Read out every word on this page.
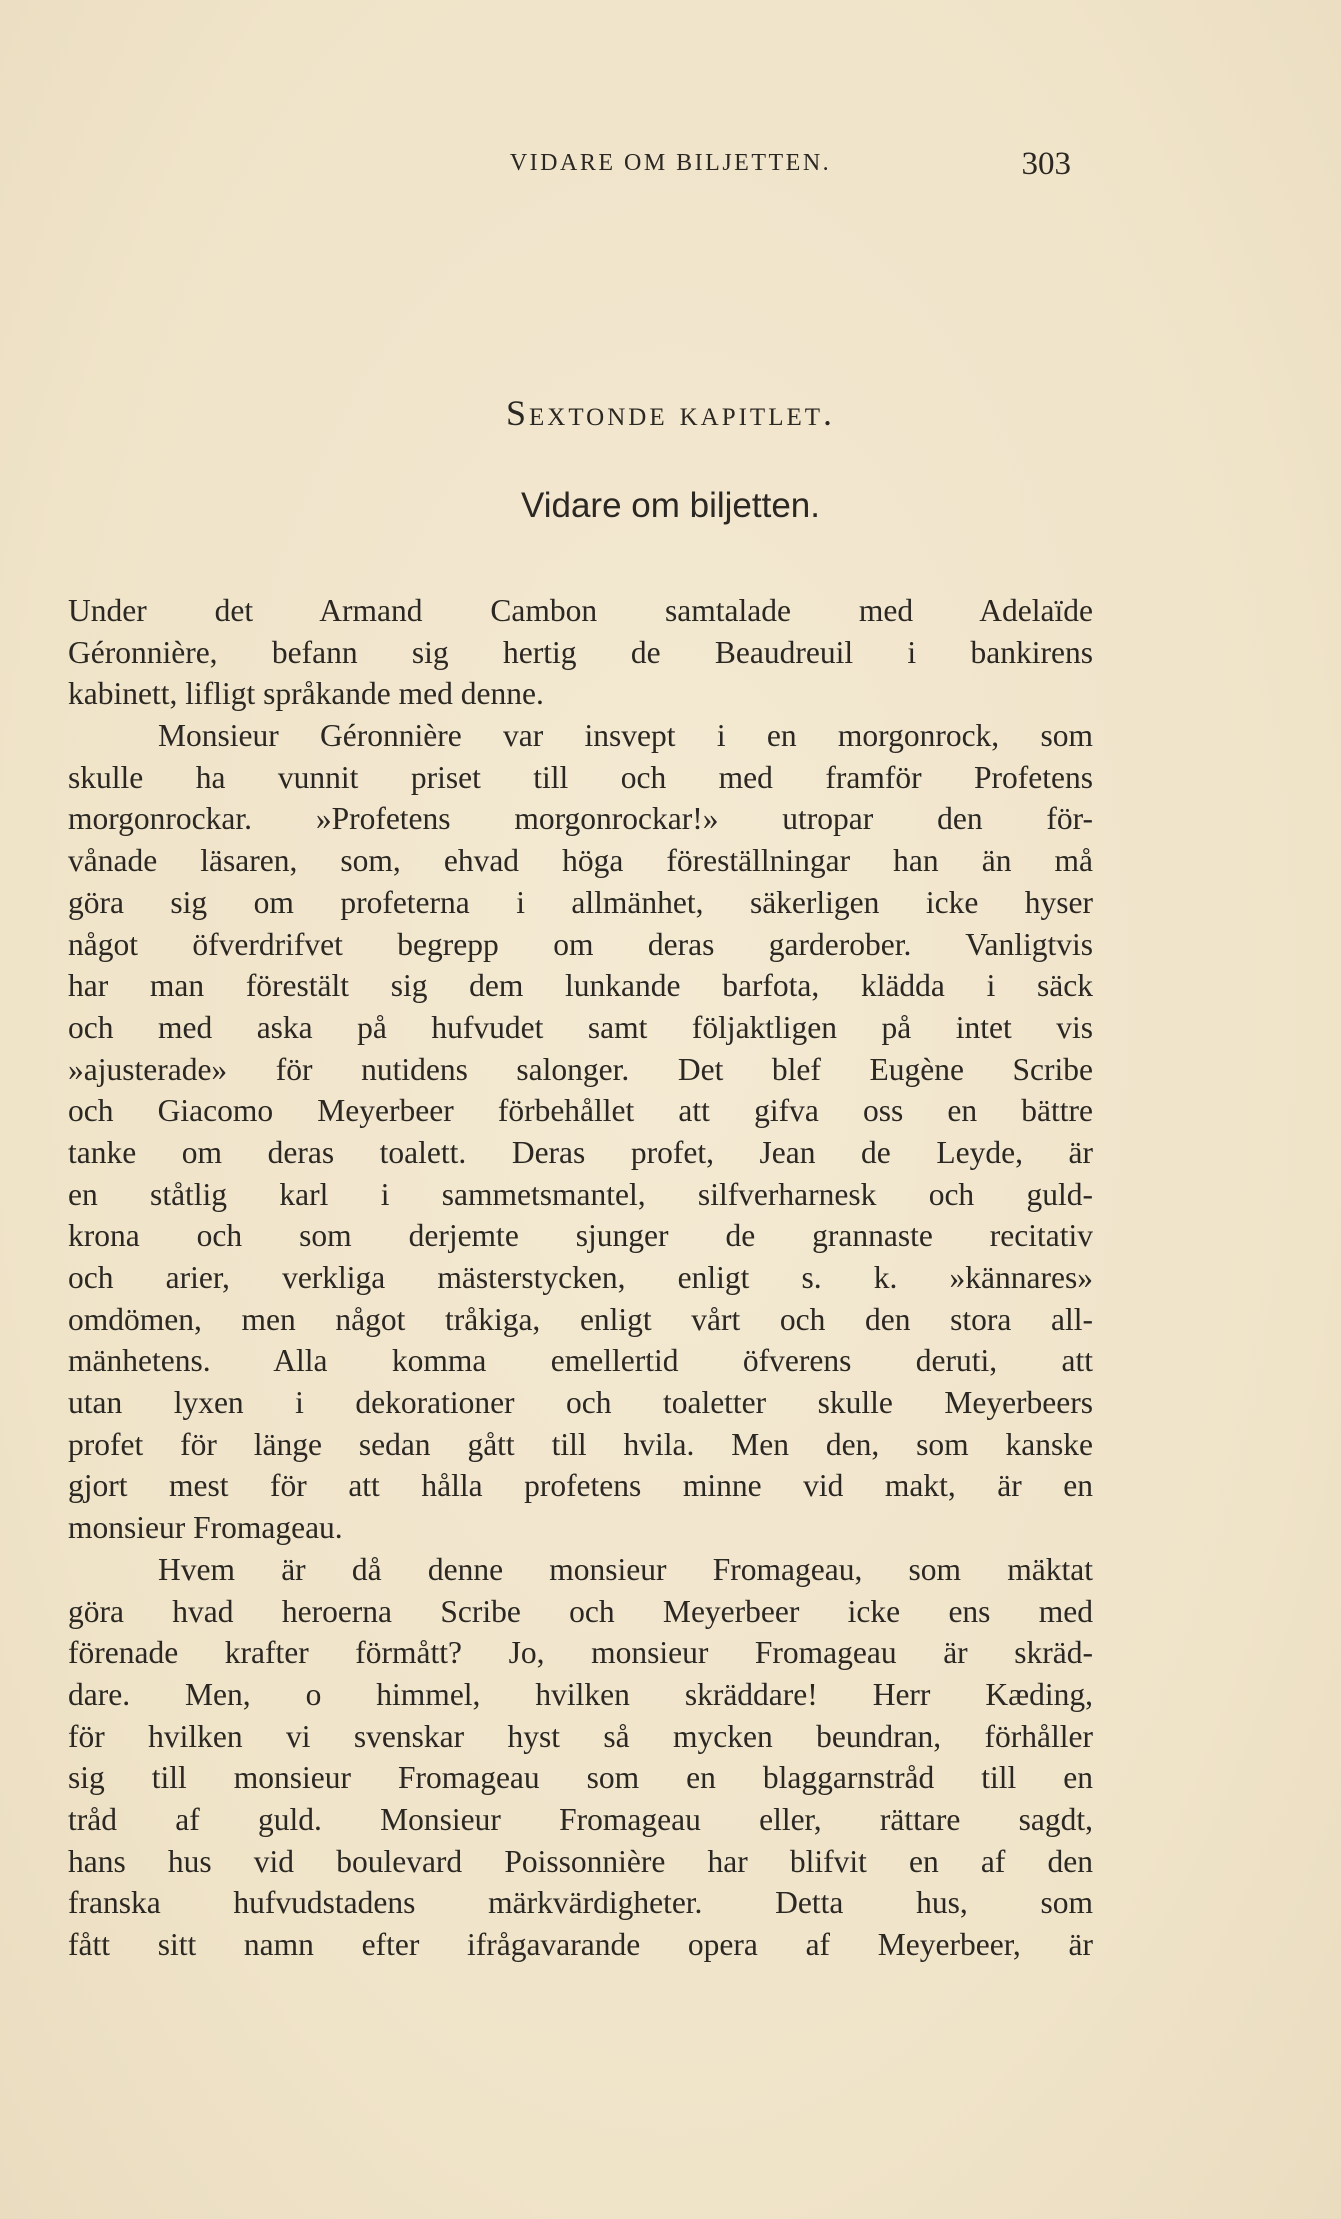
VIDARE OM BILJETTEN.	303
Sextonde kapitlet.
Vidare om biljetten.
Under det Armand Cambon samtalade med Adelaïde
Géronnière, befann sig hertig de Beaudreuil i bankirens
kabinett, lifligt språkande med denne.
Monsieur Géronnière var insvept i en morgonrock, som
skulle ha vunnit priset till och med framför Profetens
morgonrockar. »Profetens morgonrockar!» utropar den för-
vånade läsaren, som, ehvad höga föreställningar han än må
göra sig om profeterna i allmänhet, säkerligen icke hyser
något öfverdrifvet begrepp om deras garderober. Vanligtvis
har man förestält sig dem lunkande barfota, klädda i säck
och med aska på hufvudet samt följaktligen på intet vis
»ajusterade» för nutidens salonger. Det blef Eugène Scribe
och Giacomo Meyerbeer förbehållet att gifva oss en bättre
tanke om deras toalett. Deras profet, Jean de Leyde, är
en ståtlig karl i sammetsmantel, silfverharnesk och guld-
krona och som derjemte sjunger de grannaste recitativ
och arier, verkliga mästerstycken, enligt s. k. »kännares»
omdömen, men något tråkiga, enligt vårt och den stora all-
mänhetens. Alla komma emellertid öfverens deruti, att
utan lyxen i dekorationer och toaletter skulle Meyerbeers
profet för länge sedan gått till hvila. Men den, som kanske
gjort mest för att hålla profetens minne vid makt, är en
monsieur Fromageau.
Hvem är då denne monsieur Fromageau, som mäktat
göra hvad heroerna Scribe och Meyerbeer icke ens med
förenade krafter förmått? Jo, monsieur Fromageau är skräd-
dare. Men, o himmel, hvilken skräddare! Herr Kæding,
för hvilken vi svenskar hyst så mycken beundran, förhåller
sig till monsieur Fromageau som en blaggarnstråd till en
tråd af guld. Monsieur Fromageau eller, rättare sagdt,
hans hus vid boulevard Poissonnière har blifvit en af den
franska hufvudstadens märkvärdigheter. Detta hus, som
fått sitt namn efter ifrågavarande opera af Meyerbeer, är
